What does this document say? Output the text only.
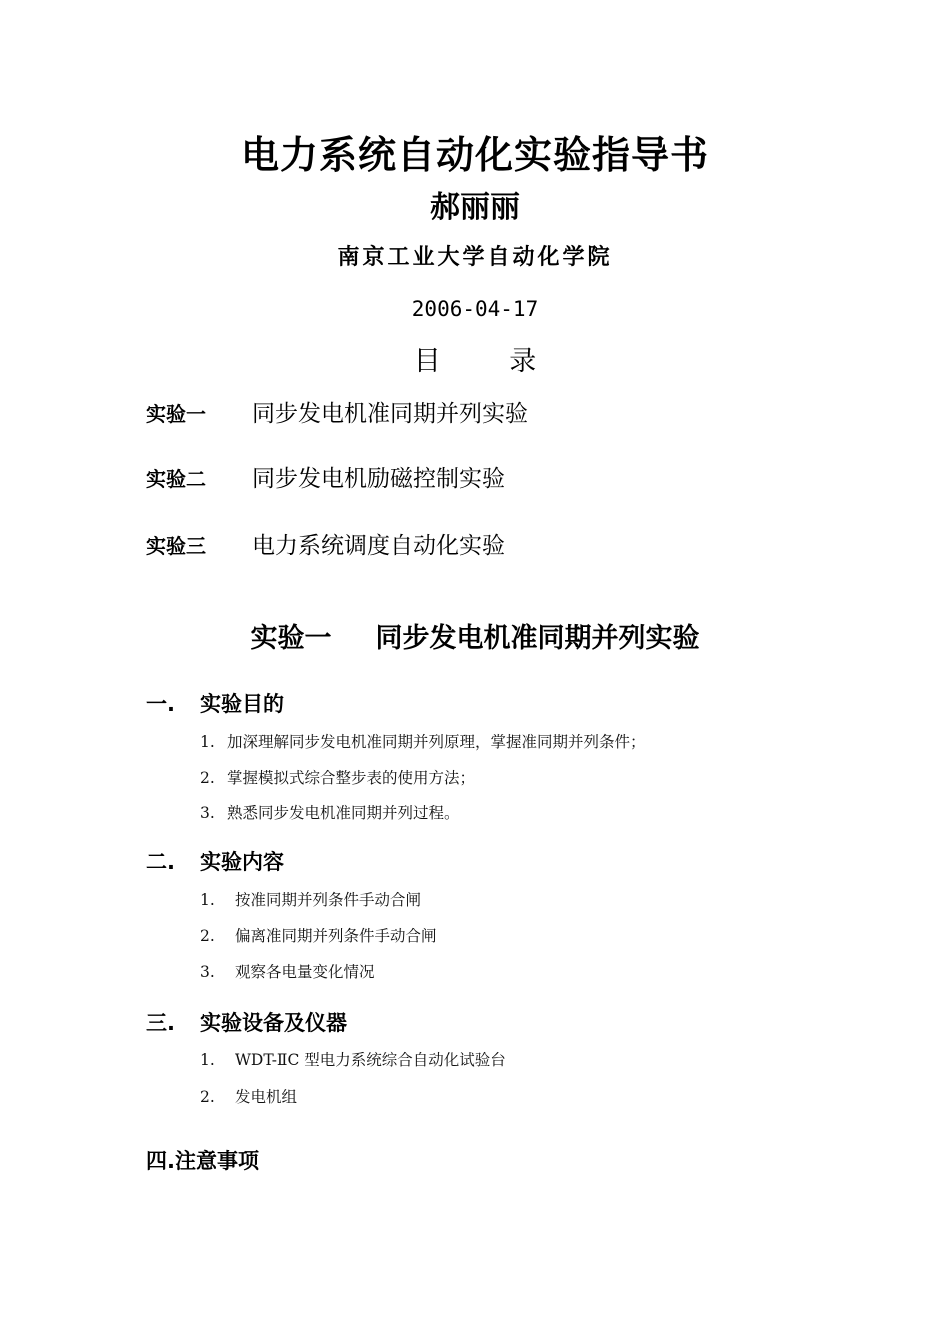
电力系统自动化实验指导书
郝丽丽
南京工业大学自动化学院
2006-04-17
目 录
实验一 同步发电机准同期并列实验
实验二 同步发电机励磁控制实验
实验三 电力系统调度自动化实验
实验一 同步发电机准同期并列实验
一. 实验目的
1. 加深理解同步发电机准同期并列原理，掌握准同期并列条件；
2. 掌握模拟式综合整步表的使用方法；
3. 熟悉同步发电机准同期并列过程。
二. 实验内容
1. 按准同期并列条件手动合闸
2. 偏离准同期并列条件手动合闸
3. 观察各电量变化情况
三. 实验设备及仪器
1. WDT-ⅡC 型电力系统综合自动化试验台
2. 发电机组
四.注意事项
